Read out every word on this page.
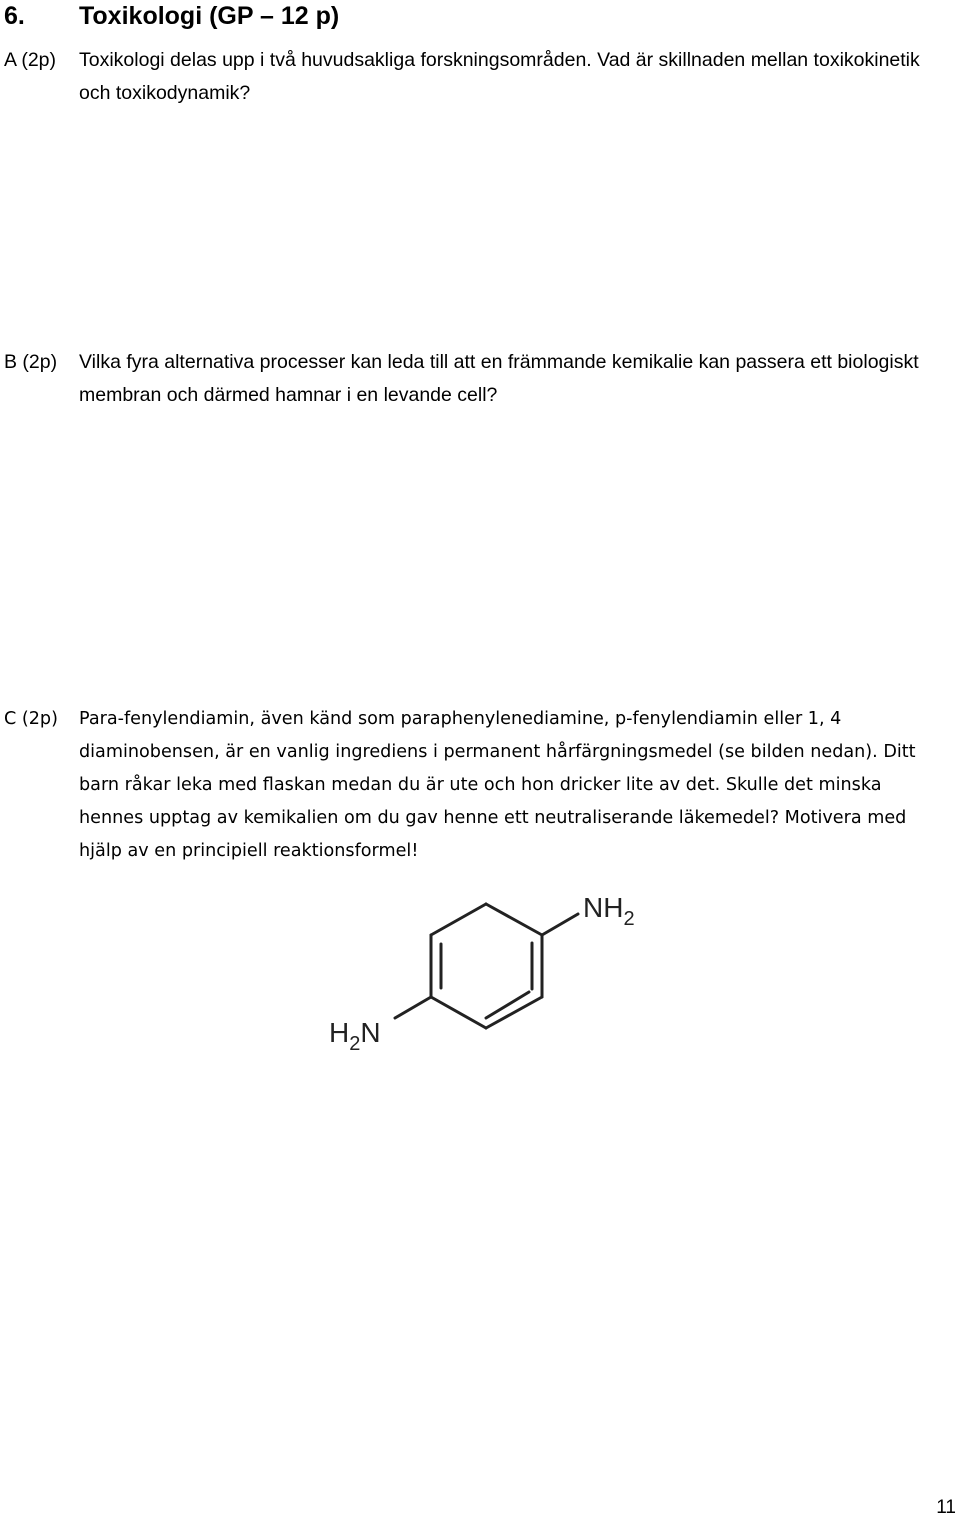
6. Toxikologi (GP – 12 p)
A (2p) Toxikologi delas upp i två huvudsakliga forskningsområden. Vad är skillnaden mellan toxikokinetik och toxikodynamik?
B (2p) Vilka fyra alternativa processer kan leda till att en främmande kemikalie kan passera ett biologiskt membran och därmed hamnar i en levande cell?
C (2p) Para-fenylendiamin, även känd som paraphenylenediamine, p-fenylendiamin eller 1, 4 diaminobensen, är en vanlig ingrediens i permanent hårfärgningsmedel (se bilden nedan). Ditt barn råkar leka med flaskan medan du är ute och hon dricker lite av det. Skulle det minska hennes upptag av kemikalien om du gav henne ett neutraliserande läkemedel? Motivera med hjälp av en principiell reaktionsformel!
$NH_2$
$H_2N$
11
